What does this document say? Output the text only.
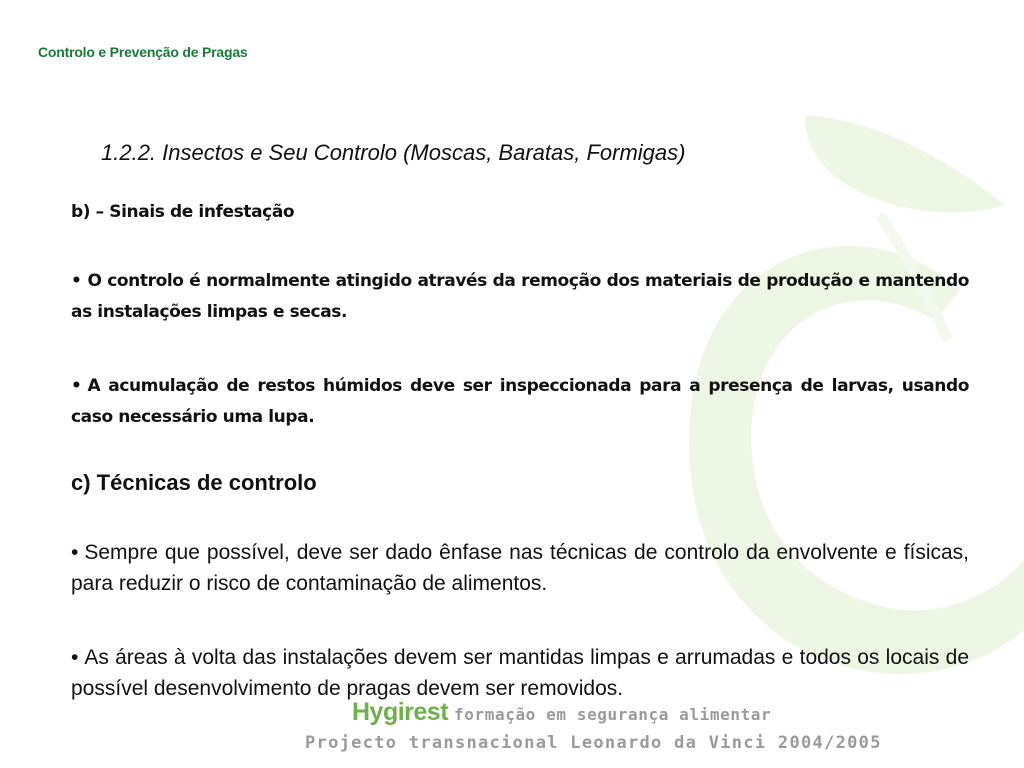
Controlo e Prevenção de Pragas
1.2.2. Insectos e Seu Controlo (Moscas, Baratas, Formigas)
b) – Sinais de infestação
• O controlo é normalmente atingido através da remoção dos materiais de produção e mantendo as instalações limpas e secas.
• A acumulação de restos húmidos deve ser inspeccionada para a presença de larvas, usando caso necessário uma lupa.
c) Técnicas de controlo
• Sempre que possível, deve ser dado ênfase nas técnicas de controlo da envolvente e físicas, para reduzir o risco de contaminação de alimentos.
• As áreas à volta das instalações devem ser mantidas limpas e arrumadas e todos os locais de possível desenvolvimento de pragas devem ser removidos.
Hygirest formação em segurança alimentar
Projecto transnacional Leonardo da Vinci 2004/2005
